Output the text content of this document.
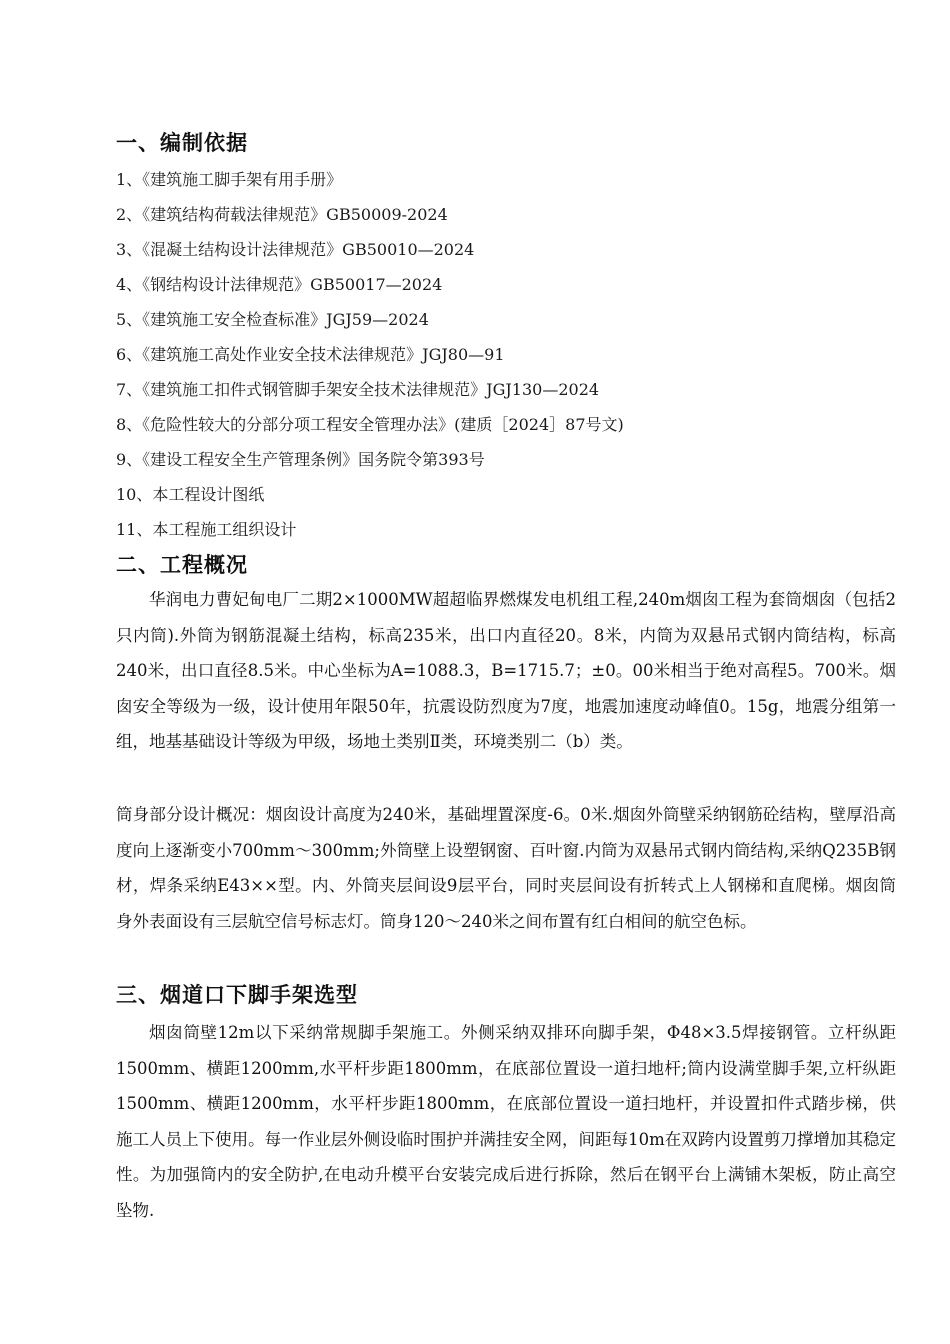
一、编制依据
1、《建筑施工脚手架有用手册》
2、《建筑结构荷载法律规范》GB50009-2024
3、《混凝土结构设计法律规范》GB50010—2024
4、《钢结构设计法律规范》GB50017—2024
5、《建筑施工安全检查标准》JGJ59—2024
6、《建筑施工高处作业安全技术法律规范》JGJ80—91
7、《建筑施工扣件式钢管脚手架安全技术法律规范》JGJ130—2024
8、《危险性较大的分部分项工程安全管理办法》(建质［2024］87号文)
9、《建设工程安全生产管理条例》国务院令第393号
10、本工程设计图纸
11、本工程施工组织设计
二、工程概况

华润电力曹妃甸电厂二期2×1000MW超超临界燃煤发电机组工程,240m烟囱工程为套筒烟囱（包括2只内筒).外筒为钢筋混凝土结构，标高235米，出口内直径20。8米，内筒为双悬吊式钢内筒结构，标高240米，出口直径8.5米。中心坐标为A=1088.3，B=1715.7；±0。00米相当于绝对高程5。700米。烟囱安全等级为一级，设计使用年限50年，抗震设防烈度为7度，地震加速度动峰值0。15g，地震分组第一组，地基基础设计等级为甲级，场地土类别Ⅱ类，环境类别二（b）类。

筒身部分设计概况：烟囱设计高度为240米，基础埋置深度-6。0米.烟囱外筒壁采纳钢筋砼结构，壁厚沿高度向上逐渐变小700mm～300mm;外筒壁上设塑钢窗、百叶窗.内筒为双悬吊式钢内筒结构,采纳Q235B钢材，焊条采纳E43××型。内、外筒夹层间设9层平台，同时夹层间设有折转式上人钢梯和直爬梯。烟囱筒身外表面设有三层航空信号标志灯。筒身120～240米之间布置有红白相间的航空色标。

三、烟道口下脚手架选型

烟囱筒壁12m以下采纳常规脚手架施工。外侧采纳双排环向脚手架，Φ48×3.5焊接钢管。立杆纵距1500mm、横距1200mm,水平杆步距1800mm，在底部位置设一道扫地杆;筒内设满堂脚手架,立杆纵距1500mm、横距1200mm，水平杆步距1800mm，在底部位置设一道扫地杆，并设置扣件式踏步梯，供施工人员上下使用。每一作业层外侧设临时围护并满挂安全网，间距每10m在双跨内设置剪刀撑增加其稳定性。为加强筒内的安全防护,在电动升模平台安装完成后进行拆除，然后在钢平台上满铺木架板，防止高空坠物.
